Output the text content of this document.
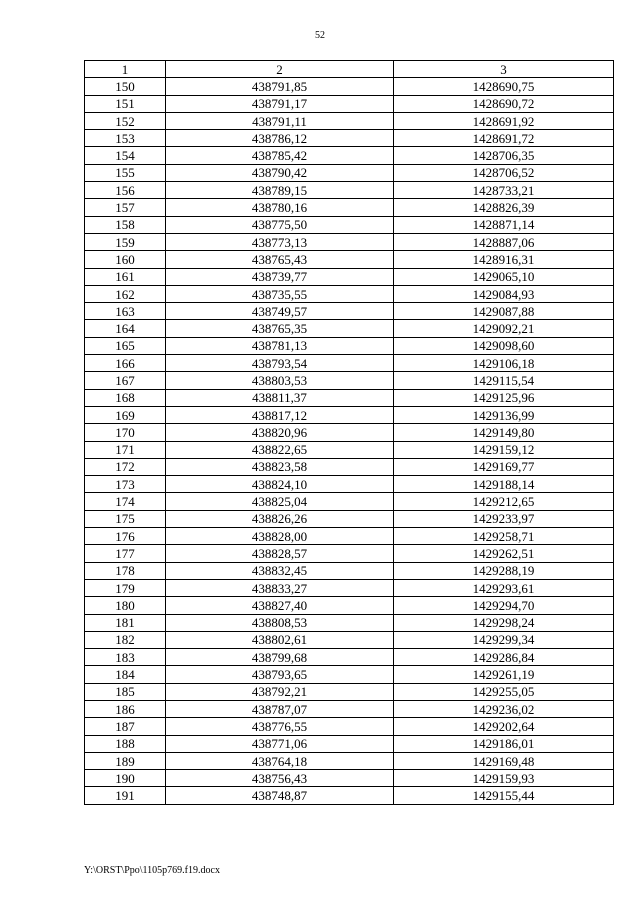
52
1	2	3
150	438791,85	1428690,75
151	438791,17	1428690,72
152	438791,11	1428691,92
153	438786,12	1428691,72
154	438785,42	1428706,35
155	438790,42	1428706,52
156	438789,15	1428733,21
157	438780,16	1428826,39
158	438775,50	1428871,14
159	438773,13	1428887,06
160	438765,43	1428916,31
161	438739,77	1429065,10
162	438735,55	1429084,93
163	438749,57	1429087,88
164	438765,35	1429092,21
165	438781,13	1429098,60
166	438793,54	1429106,18
167	438803,53	1429115,54
168	438811,37	1429125,96
169	438817,12	1429136,99
170	438820,96	1429149,80
171	438822,65	1429159,12
172	438823,58	1429169,77
173	438824,10	1429188,14
174	438825,04	1429212,65
175	438826,26	1429233,97
176	438828,00	1429258,71
177	438828,57	1429262,51
178	438832,45	1429288,19
179	438833,27	1429293,61
180	438827,40	1429294,70
181	438808,53	1429298,24
182	438802,61	1429299,34
183	438799,68	1429286,84
184	438793,65	1429261,19
185	438792,21	1429255,05
186	438787,07	1429236,02
187	438776,55	1429202,64
188	438771,06	1429186,01
189	438764,18	1429169,48
190	438756,43	1429159,93
191	438748,87	1429155,44
Y:\ORST\Ppo\1105p769.f19.docx
